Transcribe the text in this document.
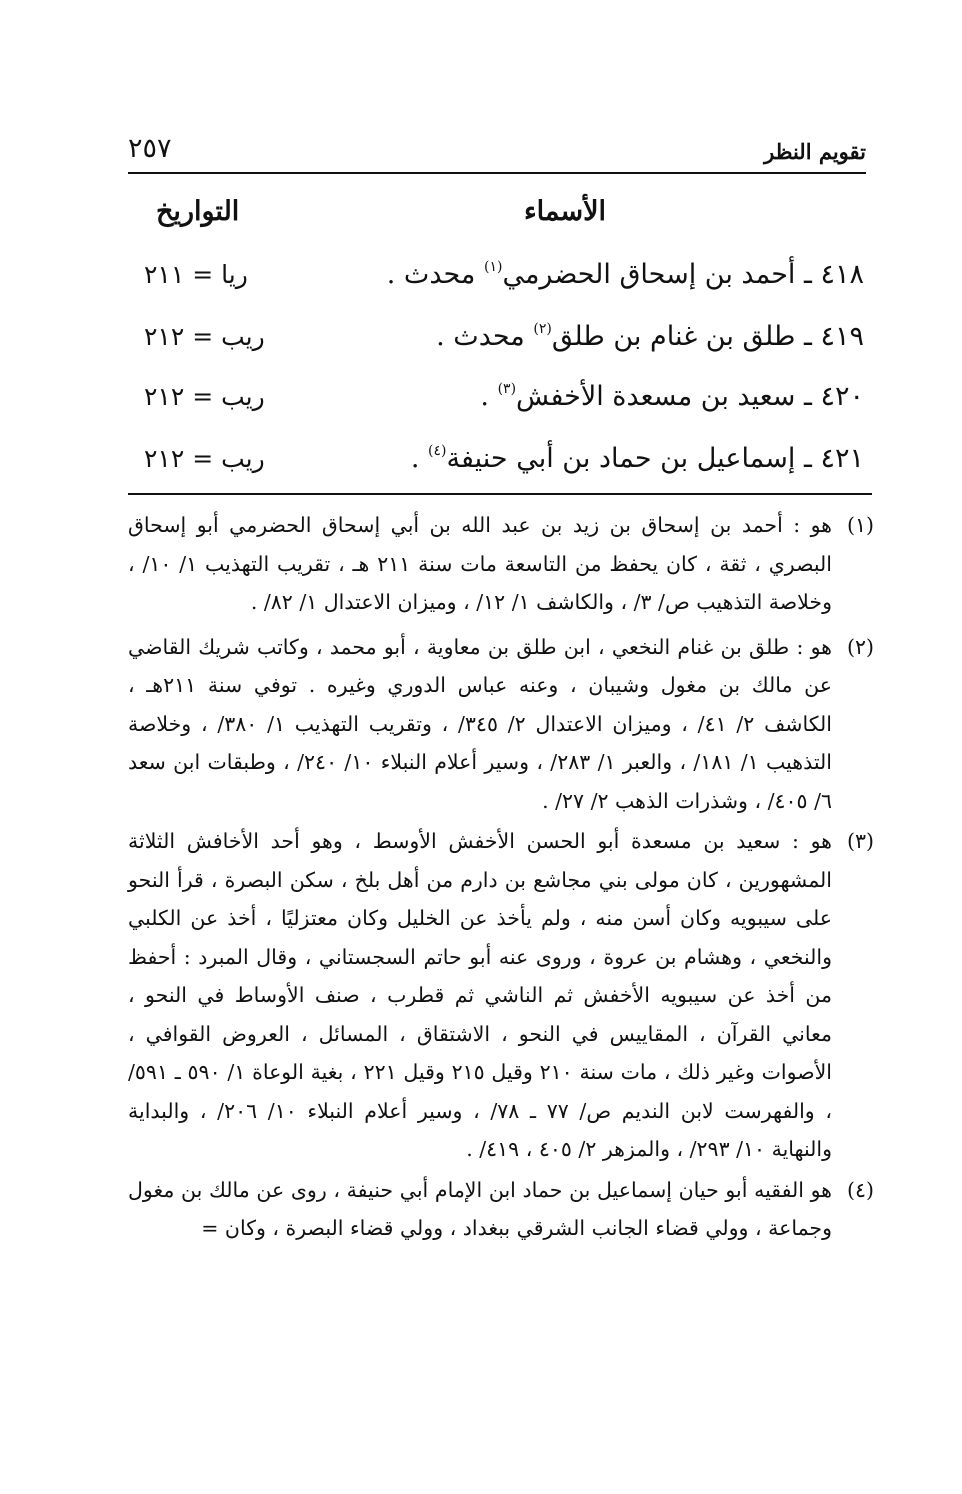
تقويم النظر
٢٥٧
الأسماء
التواريخ
٤١٨ ـ أحمد بن إسحاق الحضرمي$^{(١)}$ محدث .
ريا = ٢١١
٤١٩ ـ طلق بن غنام بن طلق$^{(٢)}$ محدث .
ريب = ٢١٢
٤٢٠ ـ سعيد بن مسعدة الأخفش$^{(٣)}$ .
ريب = ٢١٢
٤٢١ ـ إسماعيل بن حماد بن أبي حنيفة$^{(٤)}$ .
ريب = ٢١٢
(١)
هو : أحمد بن إسحاق بن زيد بن عبد الله بن أبي إسحاق الحضرمي أبو إسحاق البصري ، ثقة ، كان يحفظ من التاسعة مات سنة ٢١١ هـ ، تقريب التهذيب ١/ ١٠/ ، وخلاصة التذهيب ص/ ٣/ ، والكاشف ١/ ١٢/ ، وميزان الاعتدال ١/ ٨٢/ .
(٢)
هو : طلق بن غنام النخعي ، ابن طلق بن معاوية ، أبو محمد ، وكاتب شريك القاضي عن مالك بن مغول وشيبان ، وعنه عباس الدوري وغيره . توفي سنة ٢١١هـ ، الكاشف ٢/ ٤١/ ، وميزان الاعتدال ٢/ ٣٤٥/ ، وتقريب التهذيب ١/ ٣٨٠/ ، وخلاصة التذهيب ١/ ١٨١/ ، والعبر ١/ ٢٨٣/ ، وسير أعلام النبلاء ١٠/ ٢٤٠/ ، وطبقات ابن سعد ٦/ ٤٠٥/ ، وشذرات الذهب ٢/ ٢٧/ .
(٣)
هو : سعيد بن مسعدة أبو الحسن الأخفش الأوسط ، وهو أحد الأخافش الثلاثة المشهورين ، كان مولى بني مجاشع بن دارم من أهل بلخ ، سكن البصرة ، قرأ النحو على سيبويه وكان أسن منه ، ولم يأخذ عن الخليل وكان معتزليًا ، أخذ عن الكلبي والنخعي ، وهشام بن عروة ، وروى عنه أبو حاتم السجستاني ، وقال المبرد : أحفظ من أخذ عن سيبويه الأخفش ثم الناشي ثم قطرب ، صنف الأوساط في النحو ، معاني القرآن ، المقاييس في النحو ، الاشتقاق ، المسائل ، العروض القوافي ، الأصوات وغير ذلك ، مات سنة ٢١٠ وقيل ٢١٥ وقيل ٢٢١ ، بغية الوعاة ١/ ٥٩٠ ـ ٥٩١/ ، والفهرست لابن النديم ص/ ٧٧ ـ ٧٨/ ، وسير أعلام النبلاء ١٠/ ٢٠٦/ ، والبداية والنهاية ١٠/ ٢٩٣/ ، والمزهر ٢/ ٤٠٥ ، ٤١٩/ .
(٤)
هو الفقيه أبو حيان إسماعيل بن حماد ابن الإمام أبي حنيفة ، روى عن مالك بن مغول وجماعة ، وولي قضاء الجانب الشرقي ببغداد ، وولي قضاء البصرة ، وكان =
